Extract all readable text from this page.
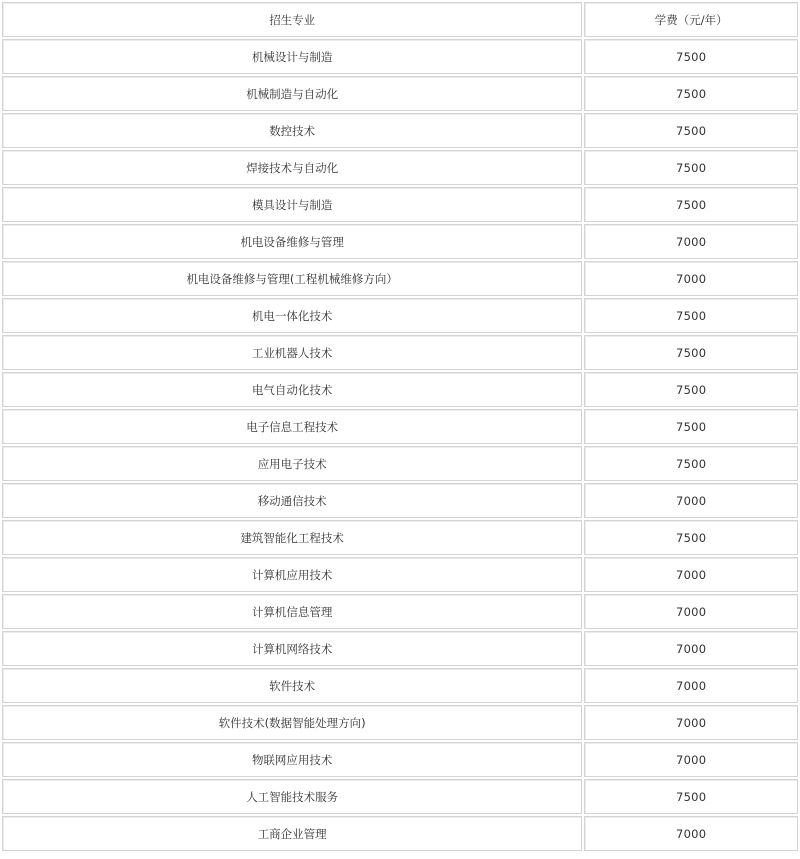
招生专业	学费（元/年）
机械设计与制造	7500
机械制造与自动化	7500
数控技术	7500
焊接技术与自动化	7500
模具设计与制造	7500
机电设备维修与管理	7000
机电设备维修与管理(工程机械维修方向）	7000
机电一体化技术	7500
工业机器人技术	7500
电气自动化技术	7500
电子信息工程技术	7500
应用电子技术	7500
移动通信技术	7000
建筑智能化工程技术	7500
计算机应用技术	7000
计算机信息管理	7000
计算机网络技术	7000
软件技术	7000
软件技术(数据智能处理方向)	7000
物联网应用技术	7000
人工智能技术服务	7500
工商企业管理	7000
